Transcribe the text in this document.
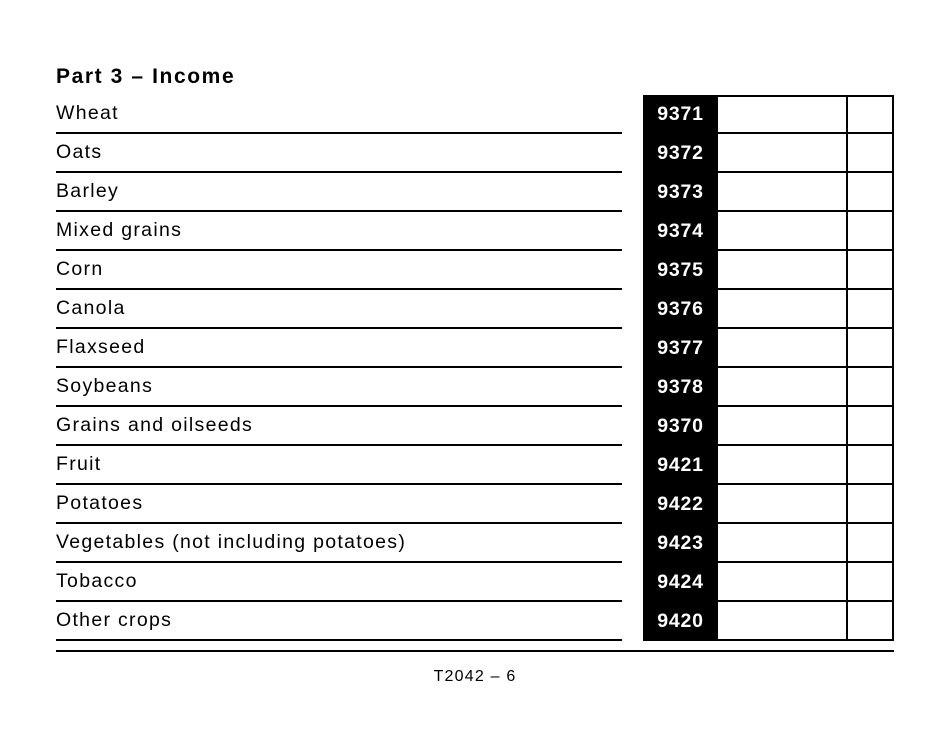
Part 3 – Income
Wheat	9371
Oats	9372
Barley	9373
Mixed grains	9374
Corn	9375
Canola	9376
Flaxseed	9377
Soybeans	9378
Grains and oilseeds	9370
Fruit	9421
Potatoes	9422
Vegetables (not including potatoes)	9423
Tobacco	9424
Other crops	9420
T2042 – 6
